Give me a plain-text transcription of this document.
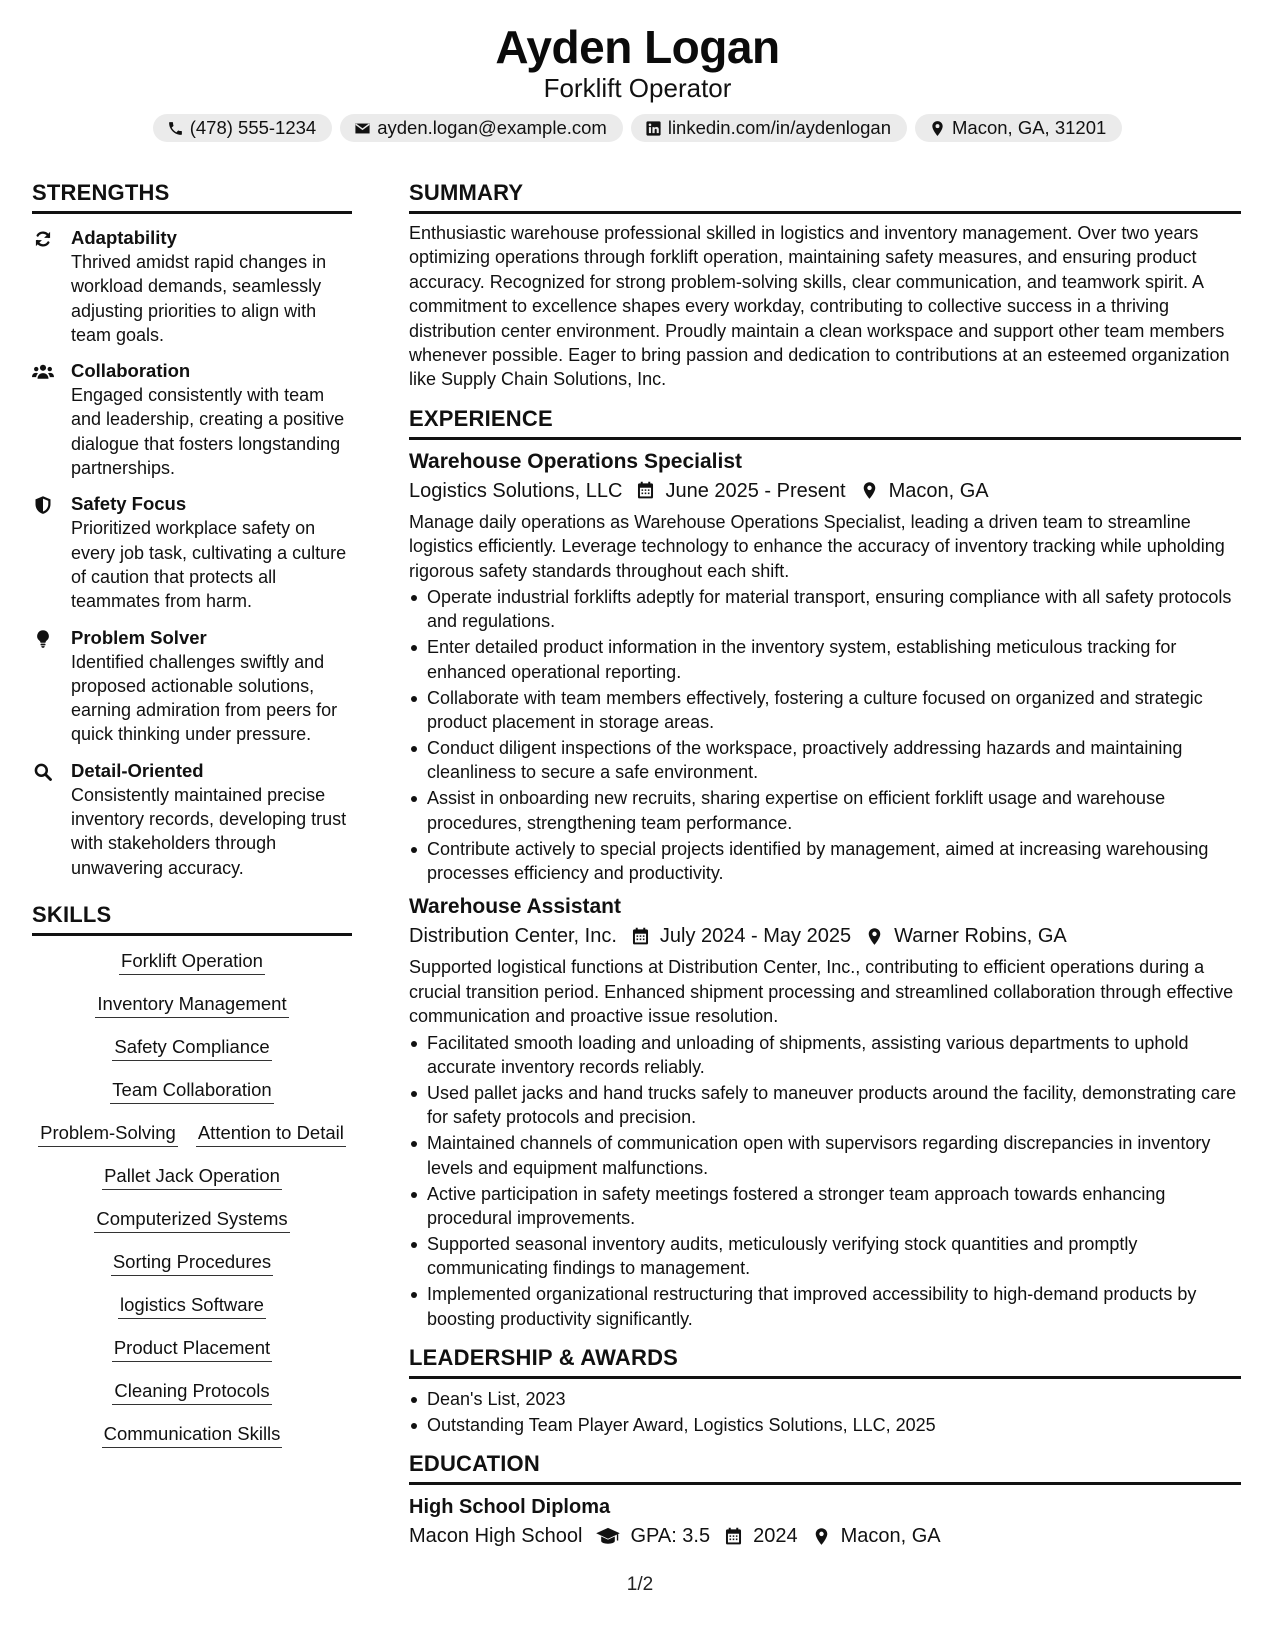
Ayden Logan
Forklift Operator
(478) 555-1234	ayden.logan@example.com	linkedin.com/in/aydenlogan	Macon, GA, 31201
STRENGTHS
Adaptability
Thrived amidst rapid changes in workload demands, seamlessly adjusting priorities to align with team goals.
Collaboration
Engaged consistently with team and leadership, creating a positive dialogue that fosters longstanding partnerships.
Safety Focus
Prioritized workplace safety on every job task, cultivating a culture of caution that protects all teammates from harm.
Problem Solver
Identified challenges swiftly and proposed actionable solutions, earning admiration from peers for quick thinking under pressure.
Detail-Oriented
Consistently maintained precise inventory records, developing trust with stakeholders through unwavering accuracy.
SKILLS
Forklift Operation
Inventory Management
Safety Compliance
Team Collaboration
Problem-Solving Attention to Detail
Pallet Jack Operation
Computerized Systems
Sorting Procedures
logistics Software
Product Placement
Cleaning Protocols
Communication Skills
SUMMARY
Enthusiastic warehouse professional skilled in logistics and inventory management. Over two years optimizing operations through forklift operation, maintaining safety measures, and ensuring product accuracy. Recognized for strong problem-solving skills, clear communication, and teamwork spirit. A commitment to excellence shapes every workday, contributing to collective success in a thriving distribution center environment. Proudly maintain a clean workspace and support other team members whenever possible. Eager to bring passion and dedication to contributions at an esteemed organization like Supply Chain Solutions, Inc.
EXPERIENCE
Warehouse Operations Specialist
Logistics Solutions, LLC June 2025 - Present Macon, GA
Manage daily operations as Warehouse Operations Specialist, leading a driven team to streamline logistics efficiently. Leverage technology to enhance the accuracy of inventory tracking while upholding rigorous safety standards throughout each shift.
Operate industrial forklifts adeptly for material transport, ensuring compliance with all safety protocols and regulations.
Enter detailed product information in the inventory system, establishing meticulous tracking for enhanced operational reporting.
Collaborate with team members effectively, fostering a culture focused on organized and strategic product placement in storage areas.
Conduct diligent inspections of the workspace, proactively addressing hazards and maintaining cleanliness to secure a safe environment.
Assist in onboarding new recruits, sharing expertise on efficient forklift usage and warehouse procedures, strengthening team performance.
Contribute actively to special projects identified by management, aimed at increasing warehousing processes efficiency and productivity.
Warehouse Assistant
Distribution Center, Inc. July 2024 - May 2025 Warner Robins, GA
Supported logistical functions at Distribution Center, Inc., contributing to efficient operations during a crucial transition period. Enhanced shipment processing and streamlined collaboration through effective communication and proactive issue resolution.
Facilitated smooth loading and unloading of shipments, assisting various departments to uphold accurate inventory records reliably.
Used pallet jacks and hand trucks safely to maneuver products around the facility, demonstrating care for safety protocols and precision.
Maintained channels of communication open with supervisors regarding discrepancies in inventory levels and equipment malfunctions.
Active participation in safety meetings fostered a stronger team approach towards enhancing procedural improvements.
Supported seasonal inventory audits, meticulously verifying stock quantities and promptly communicating findings to management.
Implemented organizational restructuring that improved accessibility to high-demand products by boosting productivity significantly.
LEADERSHIP & AWARDS
Dean's List, 2023
Outstanding Team Player Award, Logistics Solutions, LLC, 2025
EDUCATION
High School Diploma
Macon High School GPA: 3.5 2024 Macon, GA
1/2
